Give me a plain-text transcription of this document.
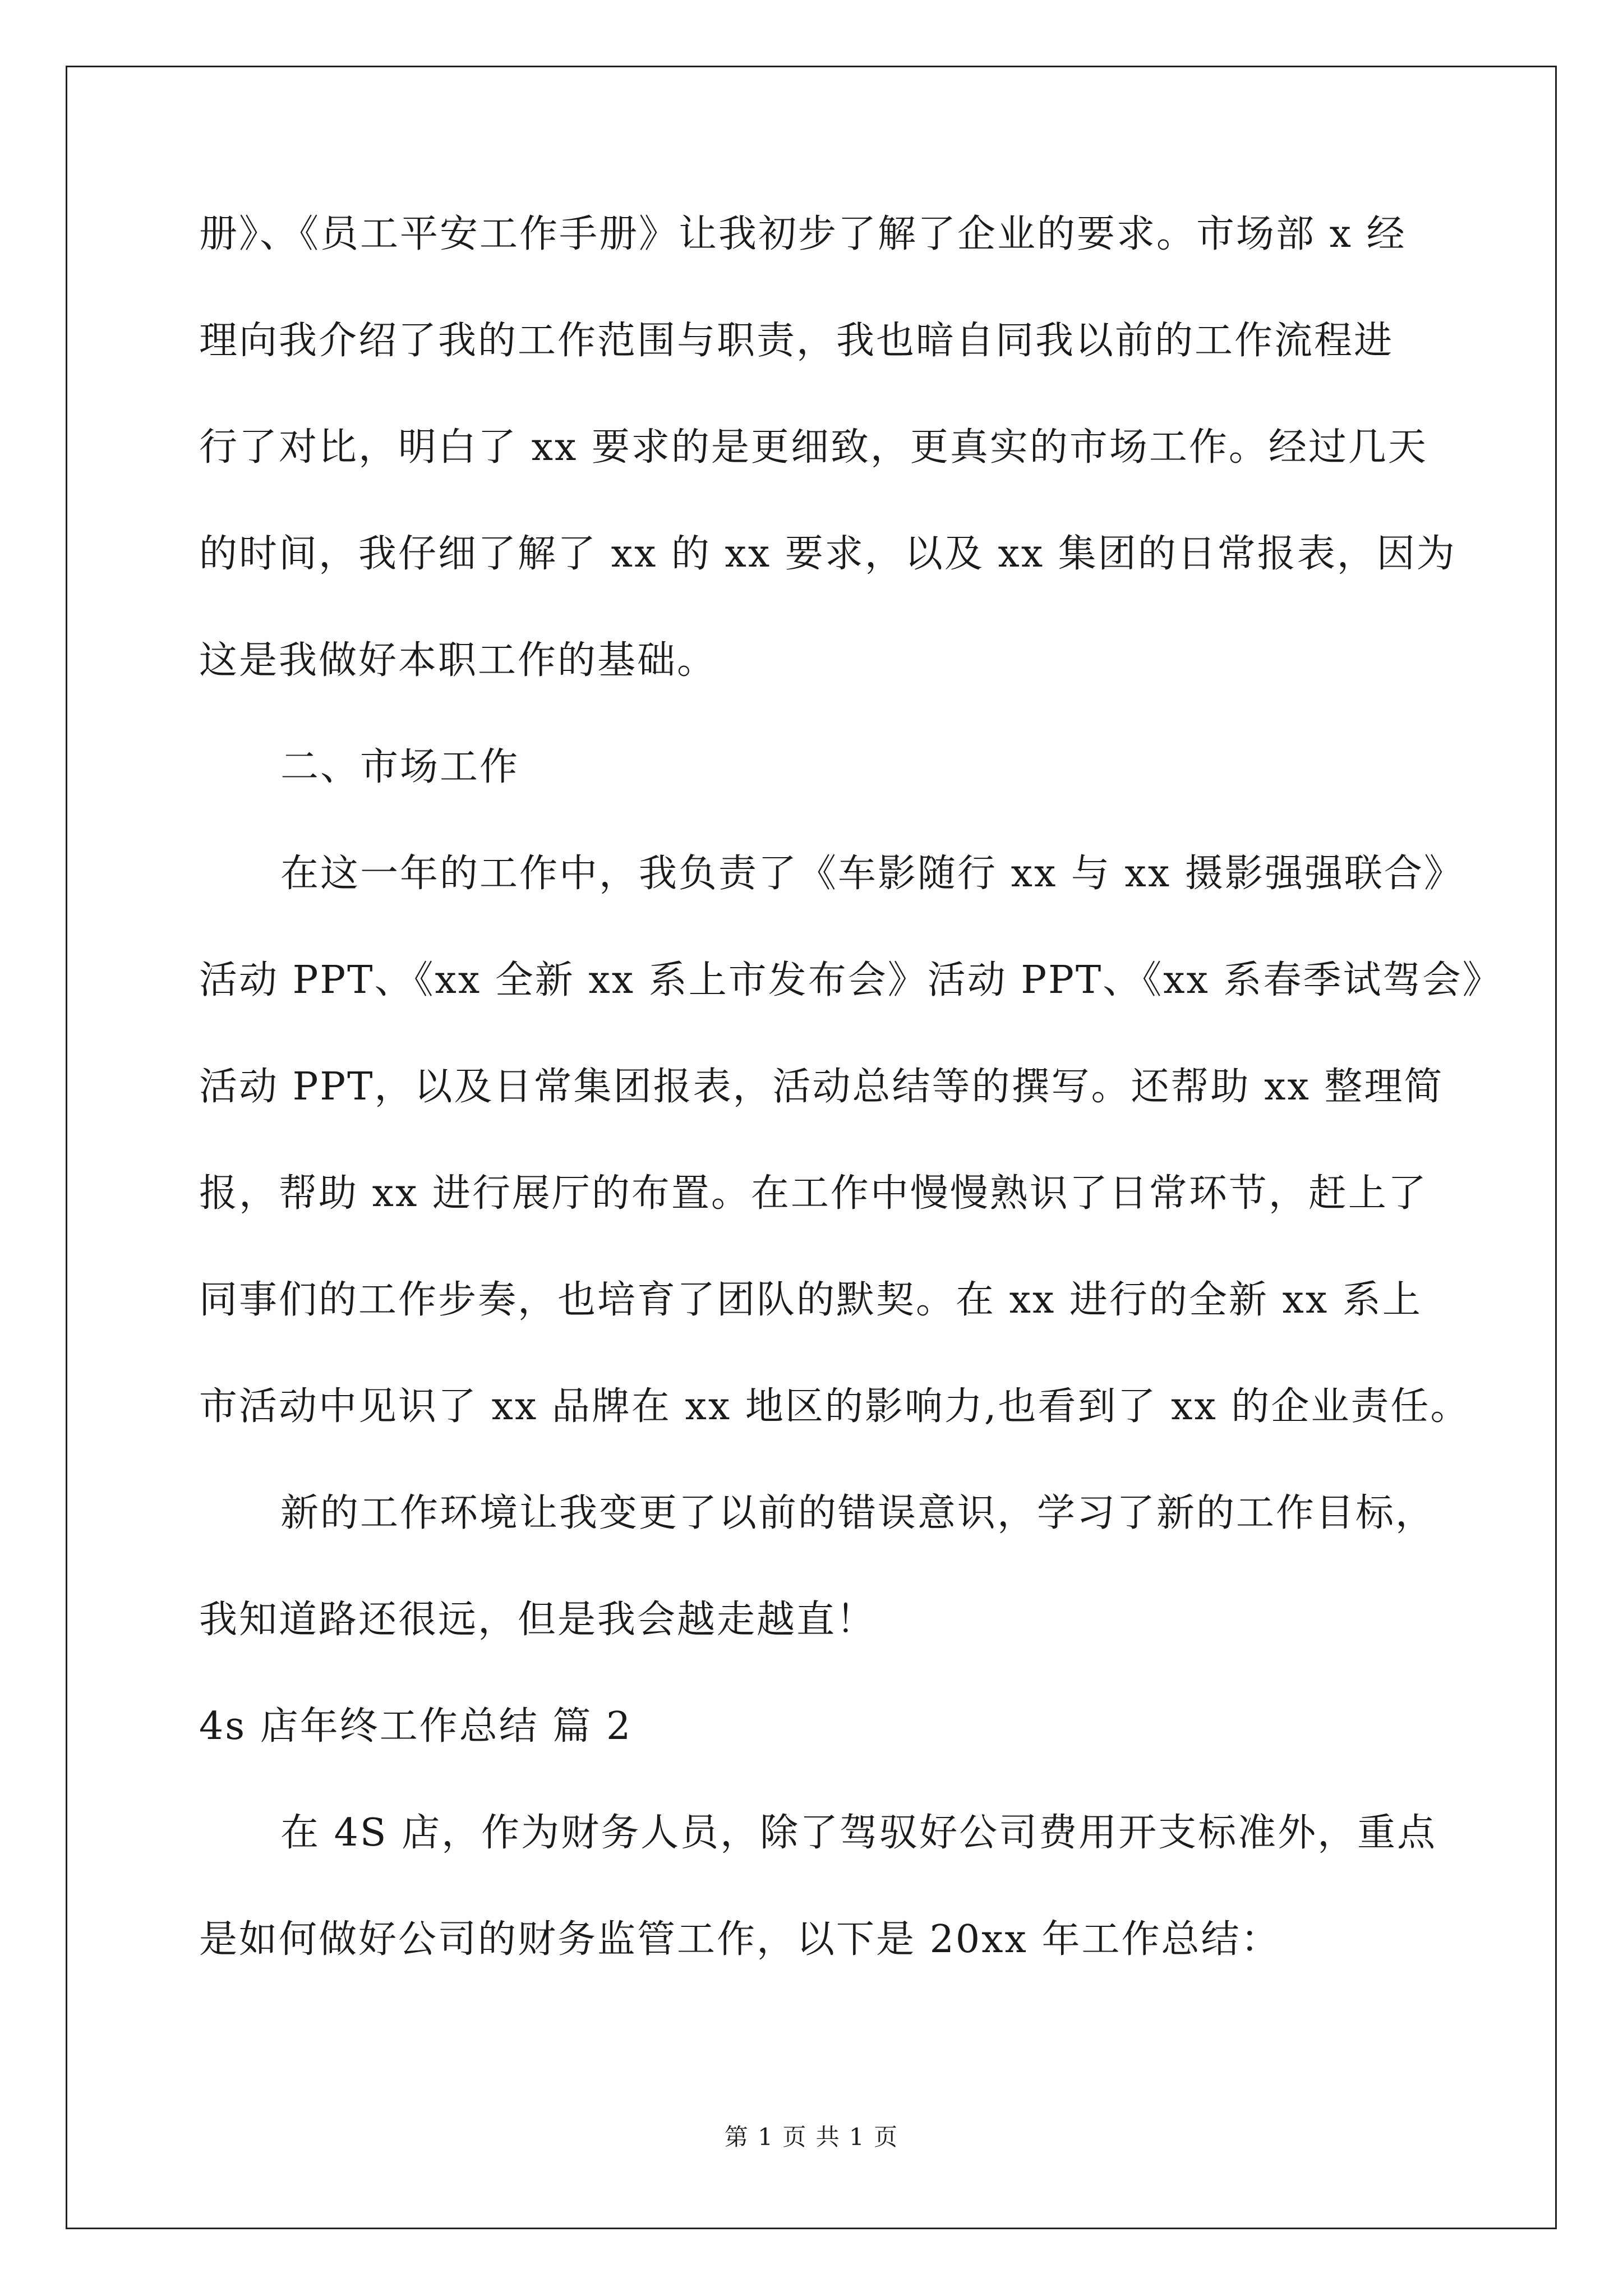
册》、《员工平安工作手册》让我初步了解了企业的要求。市场部 x 经
理向我介绍了我的工作范围与职责，我也暗自同我以前的工作流程进
行了对比，明白了 xx 要求的是更细致，更真实的市场工作。经过几天
的时间，我仔细了解了 xx 的 xx 要求，以及 xx 集团的日常报表，因为
这是我做好本职工作的基础。
二、市场工作
在这一年的工作中，我负责了《车影随行 xx 与 xx 摄影强强联合》
活动 PPT、《xx 全新 xx 系上市发布会》活动 PPT、《xx 系春季试驾会》
活动 PPT，以及日常集团报表，活动总结等的撰写。还帮助 xx 整理简
报，帮助 xx 进行展厅的布置。在工作中慢慢熟识了日常环节，赶上了
同事们的工作步奏，也培育了团队的默契。在 xx 进行的全新 xx 系上
市活动中见识了 xx 品牌在 xx 地区的影响力,也看到了 xx 的企业责任。
新的工作环境让我变更了以前的错误意识，学习了新的工作目标，
我知道路还很远，但是我会越走越直！
4s 店年终工作总结 篇 2
在 4S 店，作为财务人员，除了驾驭好公司费用开支标准外，重点
是如何做好公司的财务监管工作，以下是 20xx 年工作总结：
第 1 页 共 1 页
